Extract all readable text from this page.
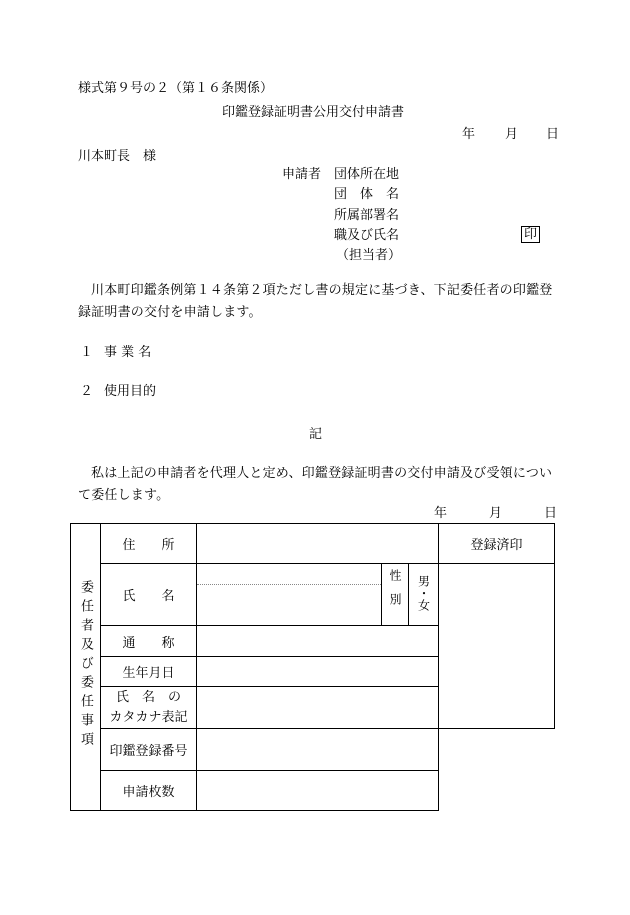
様式第９号の２（第１６条関係）
印鑑登録証明書公用交付申請書
年 月 日
川本町長　様
申請者 団体所在地
団　体　名
所属部署名
職及び氏名	印
（担当者）
川本町印鑑条例第１４条第２項ただし書の規定に基づき、下記委任者の印鑑登録証明書の交付を申請します。
１ 事 業 名
２ 使用目的
記
私は上記の申請者を代理人と定め、印鑑登録証明書の交付申請及び受領について委任します。
年	月	日
委任者及び委任事項	住　　所				登録済印
	氏　　名		性別	男・女	
	通　　称				
	生年月日				

	氏　名　の
カタカナ表記				

	印鑑登録番号				
	申請枚数				
